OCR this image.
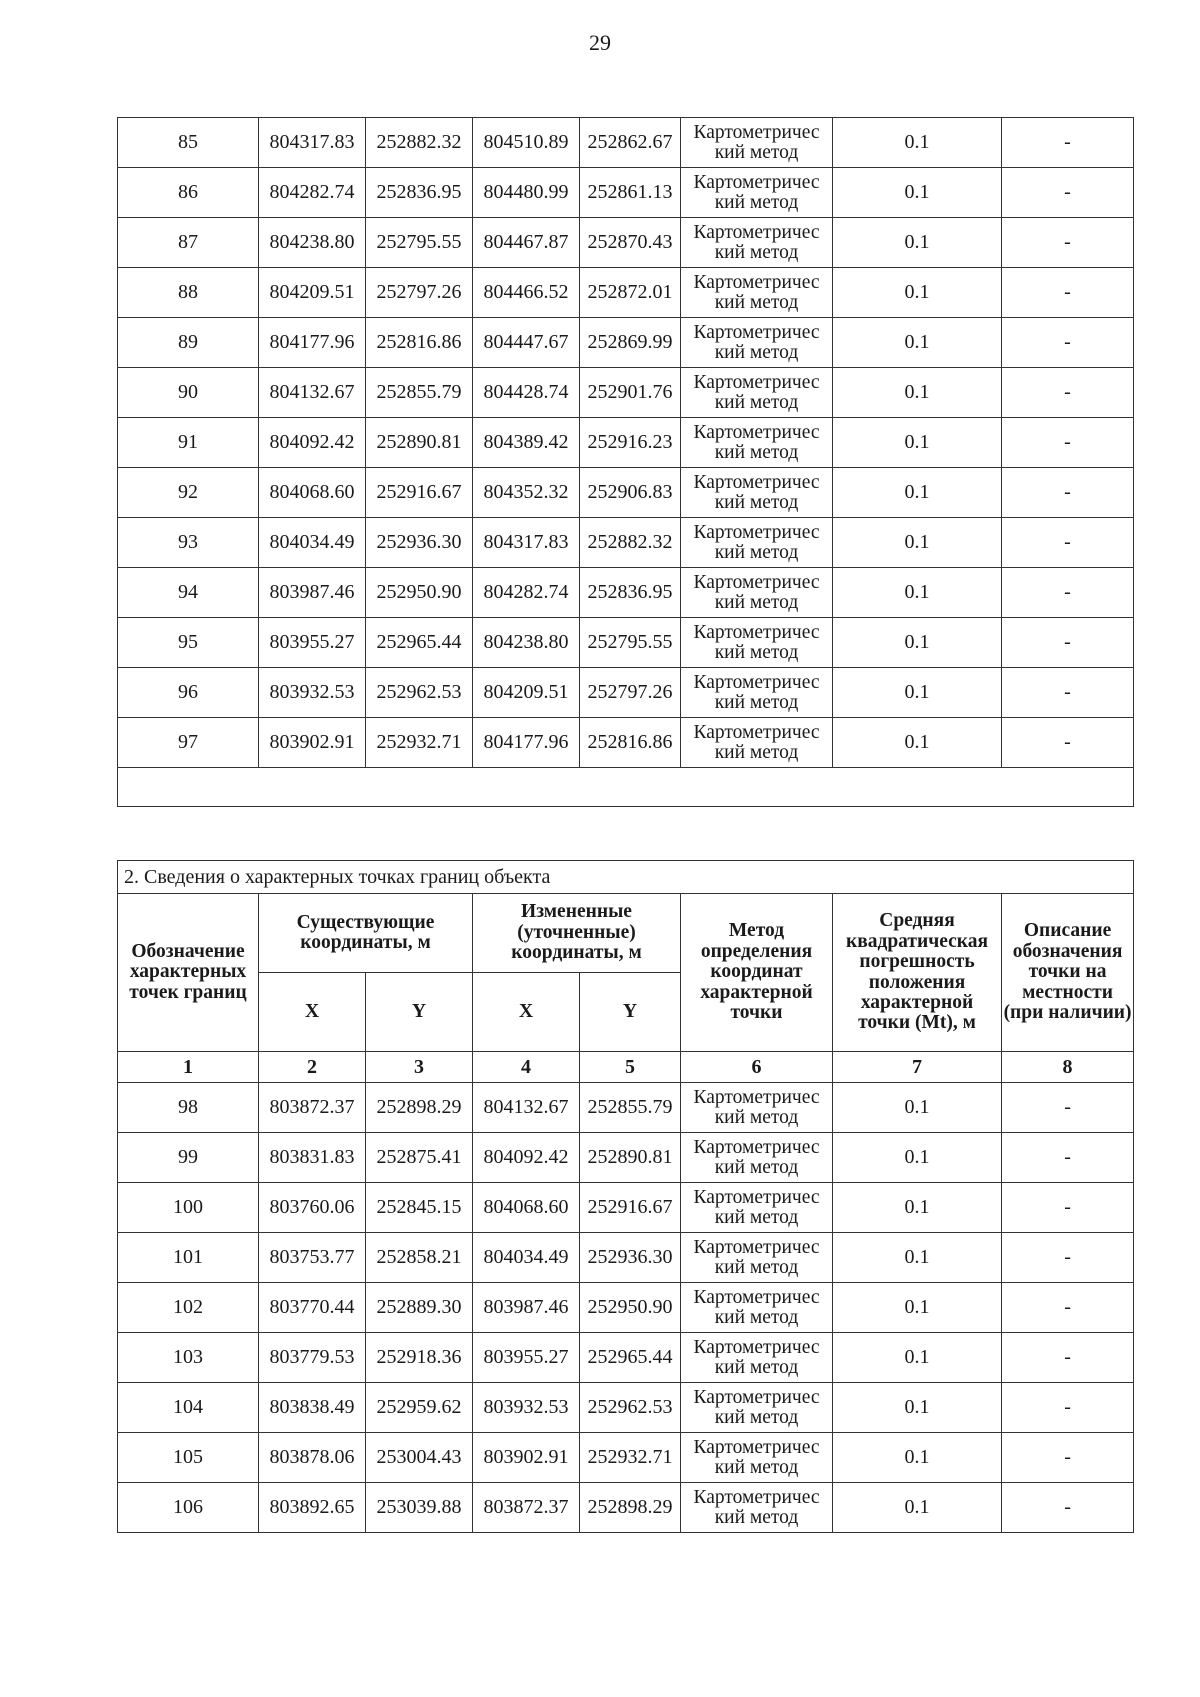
29
85	804317.83	252882.32	804510.89	252862.67	Картометричес кий метод	0.1	-
86	804282.74	252836.95	804480.99	252861.13	Картометричес кий метод	0.1	-
87	804238.80	252795.55	804467.87	252870.43	Картометричес кий метод	0.1	-
88	804209.51	252797.26	804466.52	252872.01	Картометричес кий метод	0.1	-
89	804177.96	252816.86	804447.67	252869.99	Картометричес кий метод	0.1	-
90	804132.67	252855.79	804428.74	252901.76	Картометричес кий метод	0.1	-
91	804092.42	252890.81	804389.42	252916.23	Картометричес кий метод	0.1	-
92	804068.60	252916.67	804352.32	252906.83	Картометричес кий метод	0.1	-
93	804034.49	252936.30	804317.83	252882.32	Картометричес кий метод	0.1	-
94	803987.46	252950.90	804282.74	252836.95	Картометричес кий метод	0.1	-
95	803955.27	252965.44	804238.80	252795.55	Картометричес кий метод	0.1	-
96	803932.53	252962.53	804209.51	252797.26	Картометричес кий метод	0.1	-
97	803902.91	252932.71	804177.96	252816.86	Картометричес кий метод	0.1	-

2. Сведения о характерных точках границ объекта							
Обозначение характерных точек границ	Существующие координаты, м		Измененные (уточненные) координаты, м		Метод определения координат характерной точки	Средняя квадратическая погрешность положения характерной точки (Mt), м	Описание обозначения точки на местности (при наличии)
	X	Y	X	Y			
1	2	3	4	5	6	7	8
98	803872.37	252898.29	804132.67	252855.79	Картометричес кий метод	0.1	-
99	803831.83	252875.41	804092.42	252890.81	Картометричес кий метод	0.1	-
100	803760.06	252845.15	804068.60	252916.67	Картометричес кий метод	0.1	-
101	803753.77	252858.21	804034.49	252936.30	Картометричес кий метод	0.1	-
102	803770.44	252889.30	803987.46	252950.90	Картометричес кий метод	0.1	-
103	803779.53	252918.36	803955.27	252965.44	Картометричес кий метод	0.1	-
104	803838.49	252959.62	803932.53	252962.53	Картометричес кий метод	0.1	-
105	803878.06	253004.43	803902.91	252932.71	Картометричес кий метод	0.1	-
106	803892.65	253039.88	803872.37	252898.29	Картометричес кий метод	0.1	-
